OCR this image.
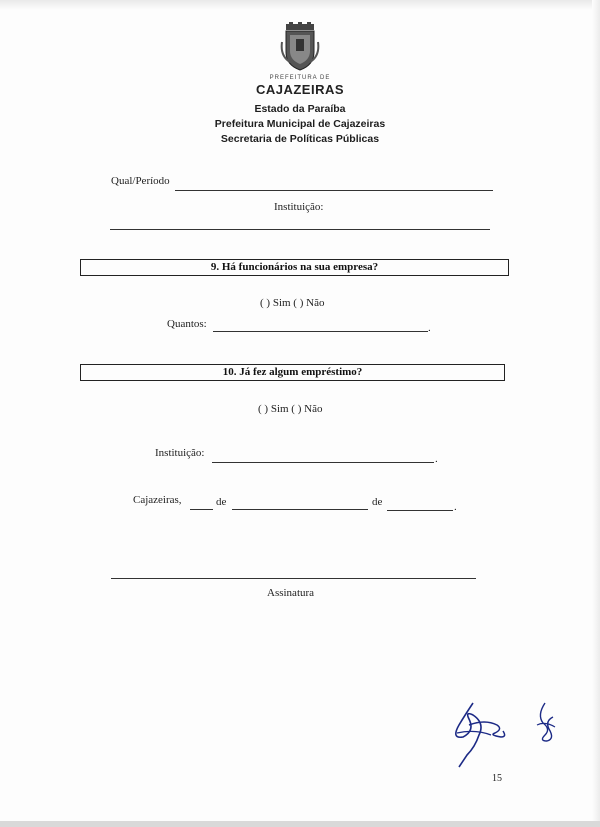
PREFEITURA DE
CAJAZEIRAS
Estado da Paraíba
Prefeitura Municipal de Cajazeiras
Secretaria de Políticas Públicas
Qual/Período
Instituição:
9. Há funcionários na sua empresa?
( ) Sim ( ) Não
Quantos:	.
10. Já fez algum empréstimo?
( ) Sim ( ) Não
Instituição:	.
Cajazeiras,	de	de	.
Assinatura
15
